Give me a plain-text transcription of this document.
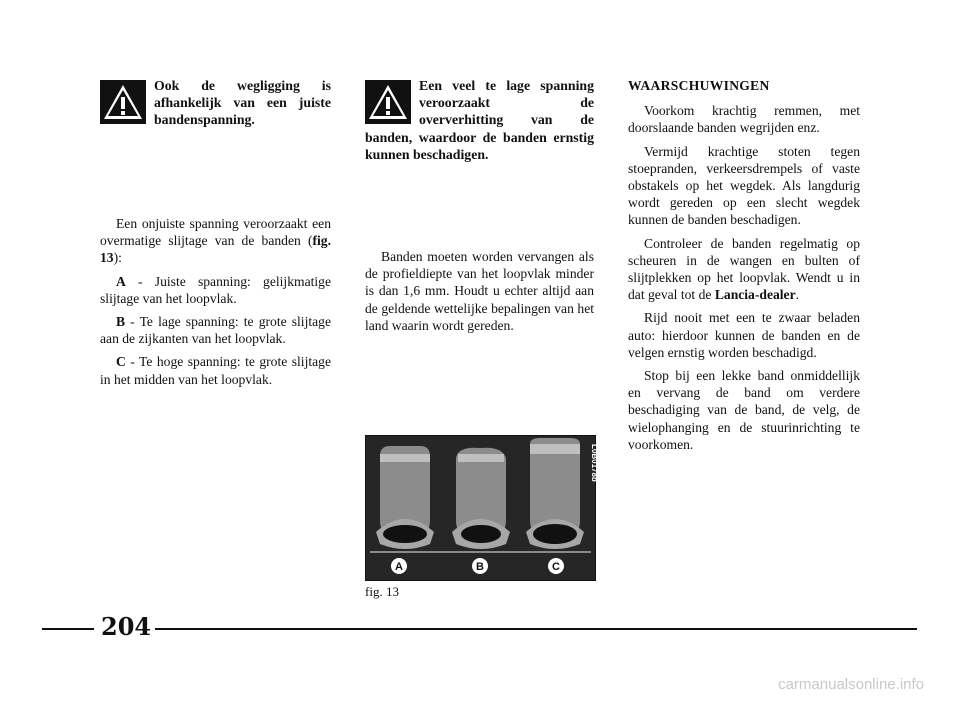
Ook de wegligging is afhankelijk van een juiste bandenspanning.

Een onjuiste spanning veroorzaakt een overmatige slijtage van de banden (fig. 13):

A - Juiste spanning: gelijkmatige slijtage van het loopvlak.

B - Te lage spanning: te grote slijtage aan de zijkanten van het loopvlak.

C - Te hoge spanning: te grote slijtage in het midden van het loopvlak.

Een veel te lage spanning veroorzaakt de oververhitting van de banden, waardoor de banden ernstig kunnen beschadigen.

Banden moeten worden vervangen als de profieldiepte van het loopvlak minder is dan 1,6 mm. Houdt u echter altijd aan de geldende wettelijke bepalingen van het land waarin wordt gereden.

L0B0178b
A	B	C
fig. 13
WAARSCHUWINGEN

Voorkom krachtig remmen, met doorslaande banden wegrijden enz.

Vermijd krachtige stoten tegen stoepranden, verkeersdrempels of vaste obstakels op het wegdek. Als langdurig wordt gereden op een slecht wegdek kunnen de banden beschadigen.

Controleer de banden regelmatig op scheuren in de wangen en bulten of slijtplekken op het loopvlak. Wendt u in dat geval tot de Lancia-dealer.

Rijd nooit met een te zwaar beladen auto: hierdoor kunnen de banden en de velgen ernstig worden beschadigd.

Stop bij een lekke band onmiddellijk en vervang de band om verdere beschadiging van de band, de velg, de wielophanging en de stuurinrichting te voorkomen.

204
carmanualsonline.info
